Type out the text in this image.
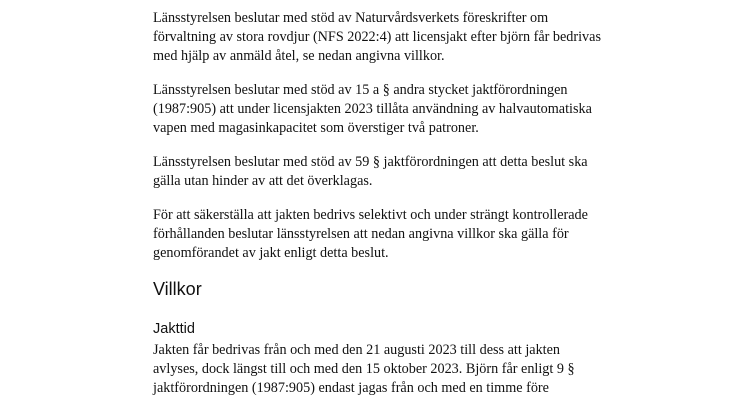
Länsstyrelsen beslutar med stöd av Naturvårdsverkets föreskrifter om förvaltning av stora rovdjur (NFS 2022:4) att licensjakt efter björn får bedrivas med hjälp av anmäld åtel, se nedan angivna villkor.

Länsstyrelsen beslutar med stöd av 15 a § andra stycket jaktförordningen (1987:905) att under licensjakten 2023 tillåta användning av halvautomatiska vapen med magasinkapacitet som överstiger två patroner.

Länsstyrelsen beslutar med stöd av 59 § jaktförordningen att detta beslut ska gälla utan hinder av att det överklagas.

För att säkerställa att jakten bedrivs selektivt och under strängt kontrollerade förhållanden beslutar länsstyrelsen att nedan angivna villkor ska gälla för genomförandet av jakt enligt detta beslut.

Villkor
Jakttid

Jakten får bedrivas från och med den 21 augusti 2023 till dess att jakten avlyses, dock längst till och med den 15 oktober 2023. Björn får enligt 9 § jaktförordningen (1987:905) endast jagas från och med en timme före
